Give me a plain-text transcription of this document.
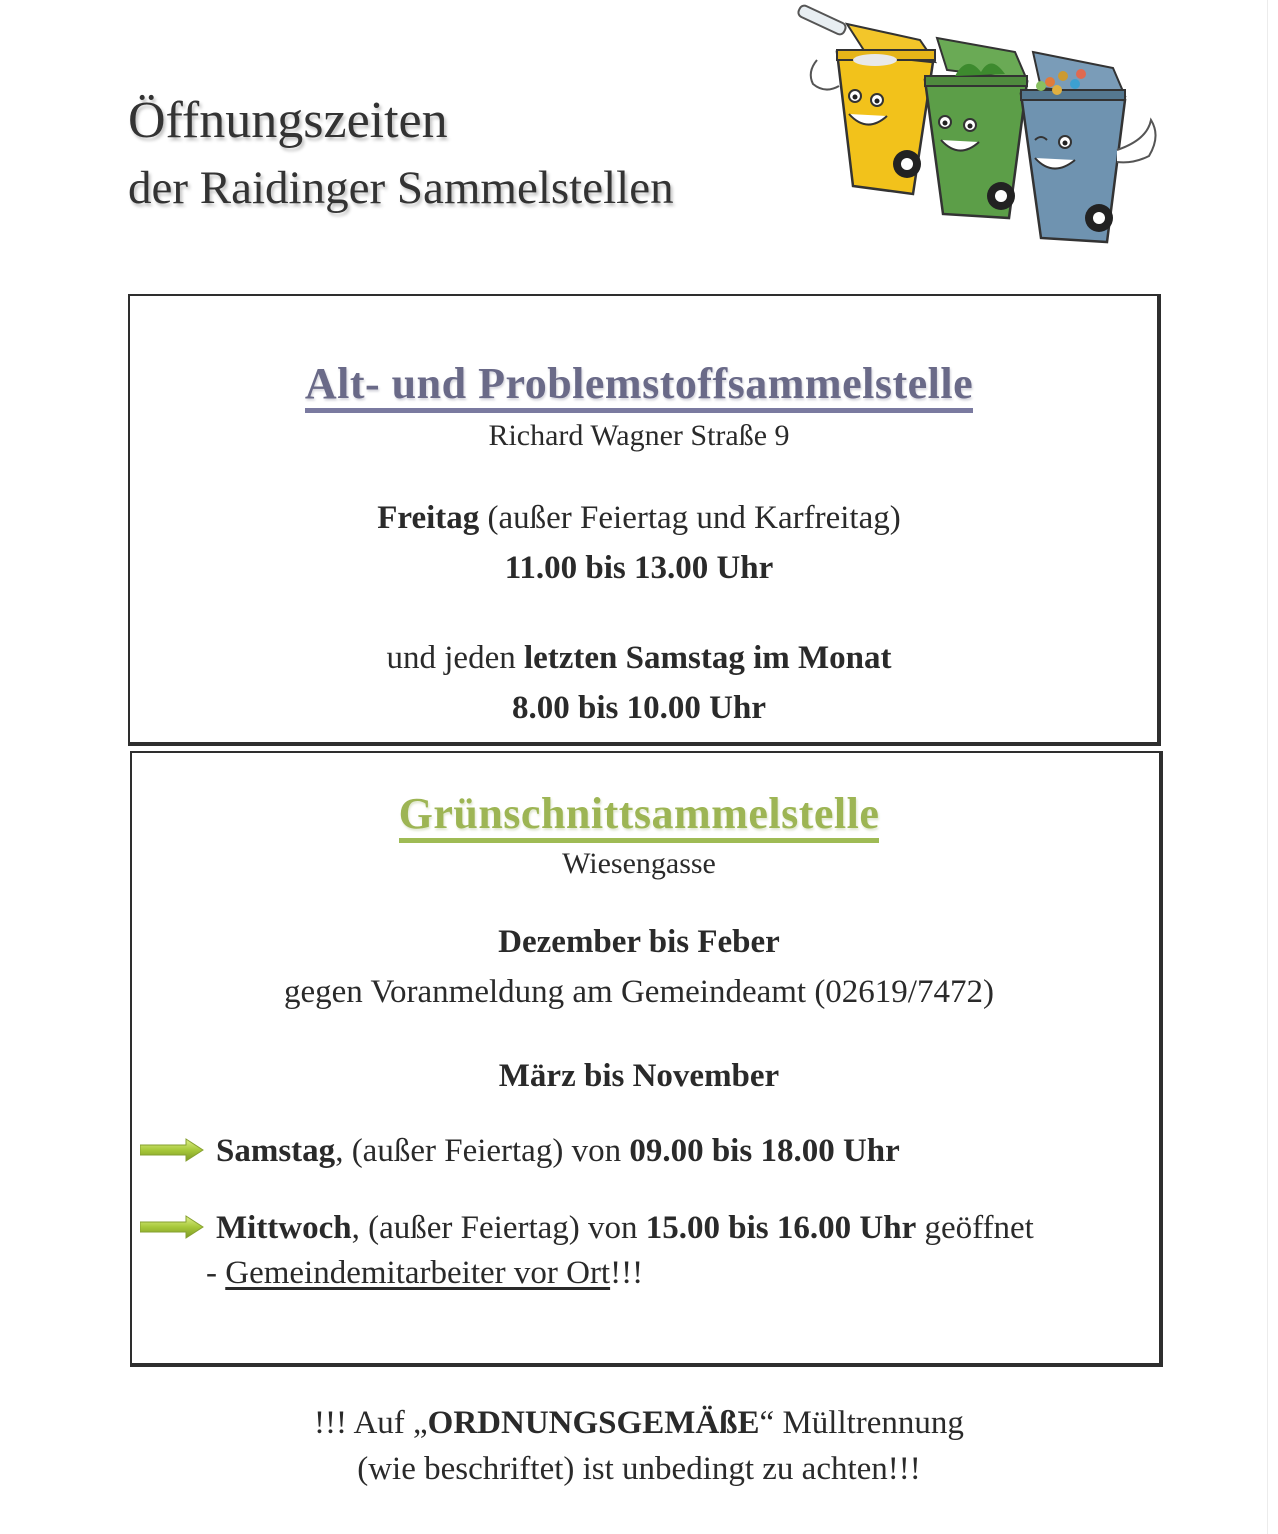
Öffnungszeiten
der Raidinger Sammelstellen
Alt- und Problemstoffsammelstelle
Richard Wagner Straße 9
Freitag (außer Feiertag und Karfreitag)
11.00 bis 13.00 Uhr
und jeden letzten Samstag im Monat
8.00 bis 10.00 Uhr
Grünschnittsammelstelle
Wiesengasse
Dezember bis Feber
gegen Voranmeldung am Gemeindeamt (02619/7472)
März bis November
Samstag, (außer Feiertag) von 09.00 bis 18.00 Uhr
Mittwoch, (außer Feiertag) von 15.00 bis 16.00 Uhr geöffnet
- Gemeindemitarbeiter vor Ort!!!
!!! Auf „ORDNUNGSGEMÄßE“ Mülltrennung
(wie beschriftet) ist unbedingt zu achten!!!
